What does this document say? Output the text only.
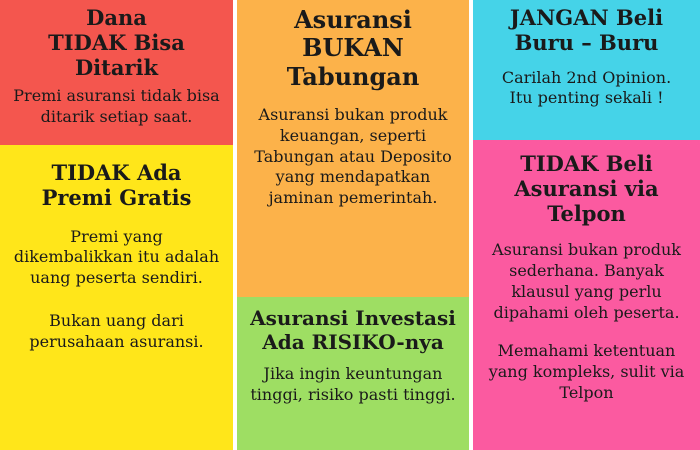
Dana
TIDAK Bisa Ditarik

Premi asuransi tidak bisa
ditarik setiap saat.

TIDAK Ada
Premi Gratis

Premi yang
dikembalikkan itu adalah
uang peserta sendiri.

Bukan uang dari
perusahaan asuransi.

Asuransi
BUKAN
Tabungan

Asuransi bukan produk
keuangan, seperti
Tabungan atau Deposito
yang mendapatkan
jaminan pemerintah.

Asuransi Investasi
Ada RISIKO-nya

Jika ingin keuntungan
tinggi, risiko pasti tinggi.

JANGAN Beli
Buru – Buru

Carilah 2nd Opinion.
Itu penting sekali !

TIDAK Beli
Asuransi via Telpon

Asuransi bukan produk
sederhana. Banyak
klausul yang perlu
dipahami oleh peserta.

Memahami ketentuan
yang kompleks, sulit via
Telpon
